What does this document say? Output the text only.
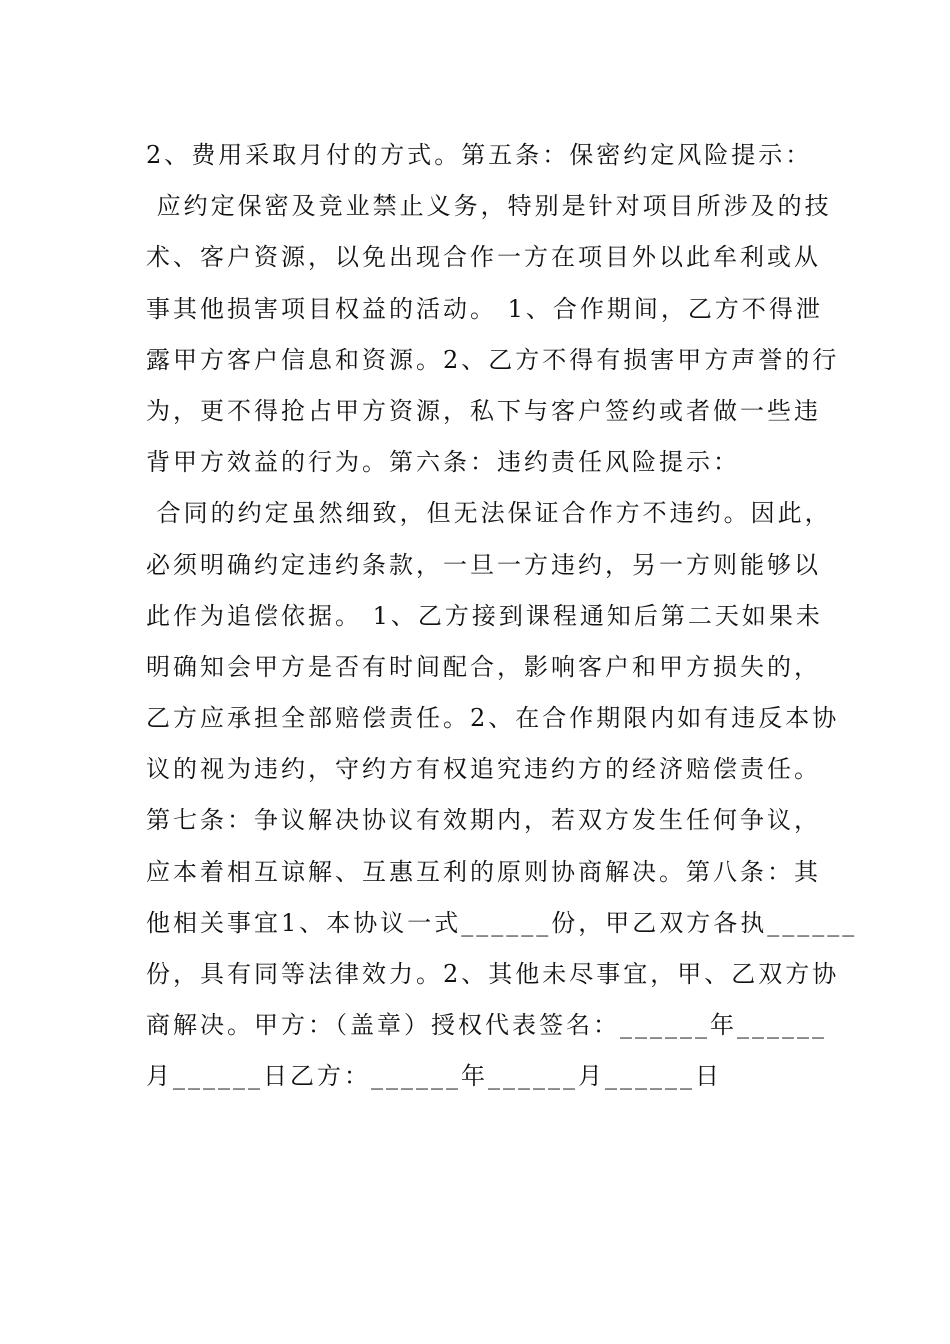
2、费用采取月付的方式。第五条：保密约定风险提示：
应约定保密及竞业禁止义务，特别是针对项目所涉及的技
术、客户资源，以免出现合作一方在项目外以此牟利或从
事其他损害项目权益的活动。 1、合作期间，乙方不得泄
露甲方客户信息和资源。2、乙方不得有损害甲方声誉的行
为，更不得抢占甲方资源，私下与客户签约或者做一些违
背甲方效益的行为。第六条：违约责任风险提示：
合同的约定虽然细致，但无法保证合作方不违约。因此，
必须明确约定违约条款，一旦一方违约，另一方则能够以
此作为追偿依据。 1、乙方接到课程通知后第二天如果未
明确知会甲方是否有时间配合，影响客户和甲方损失的，
乙方应承担全部赔偿责任。2、在合作期限内如有违反本协
议的视为违约，守约方有权追究违约方的经济赔偿责任。
第七条：争议解决协议有效期内，若双方发生任何争议，
应本着相互谅解、互惠互利的原则协商解决。第八条：其
他相关事宜1、本协议一式______份，甲乙双方各执______
份，具有同等法律效力。2、其他未尽事宜，甲、乙双方协
商解决。甲方：（盖章）授权代表签名：______年______
月______日乙方：______年______月______日
